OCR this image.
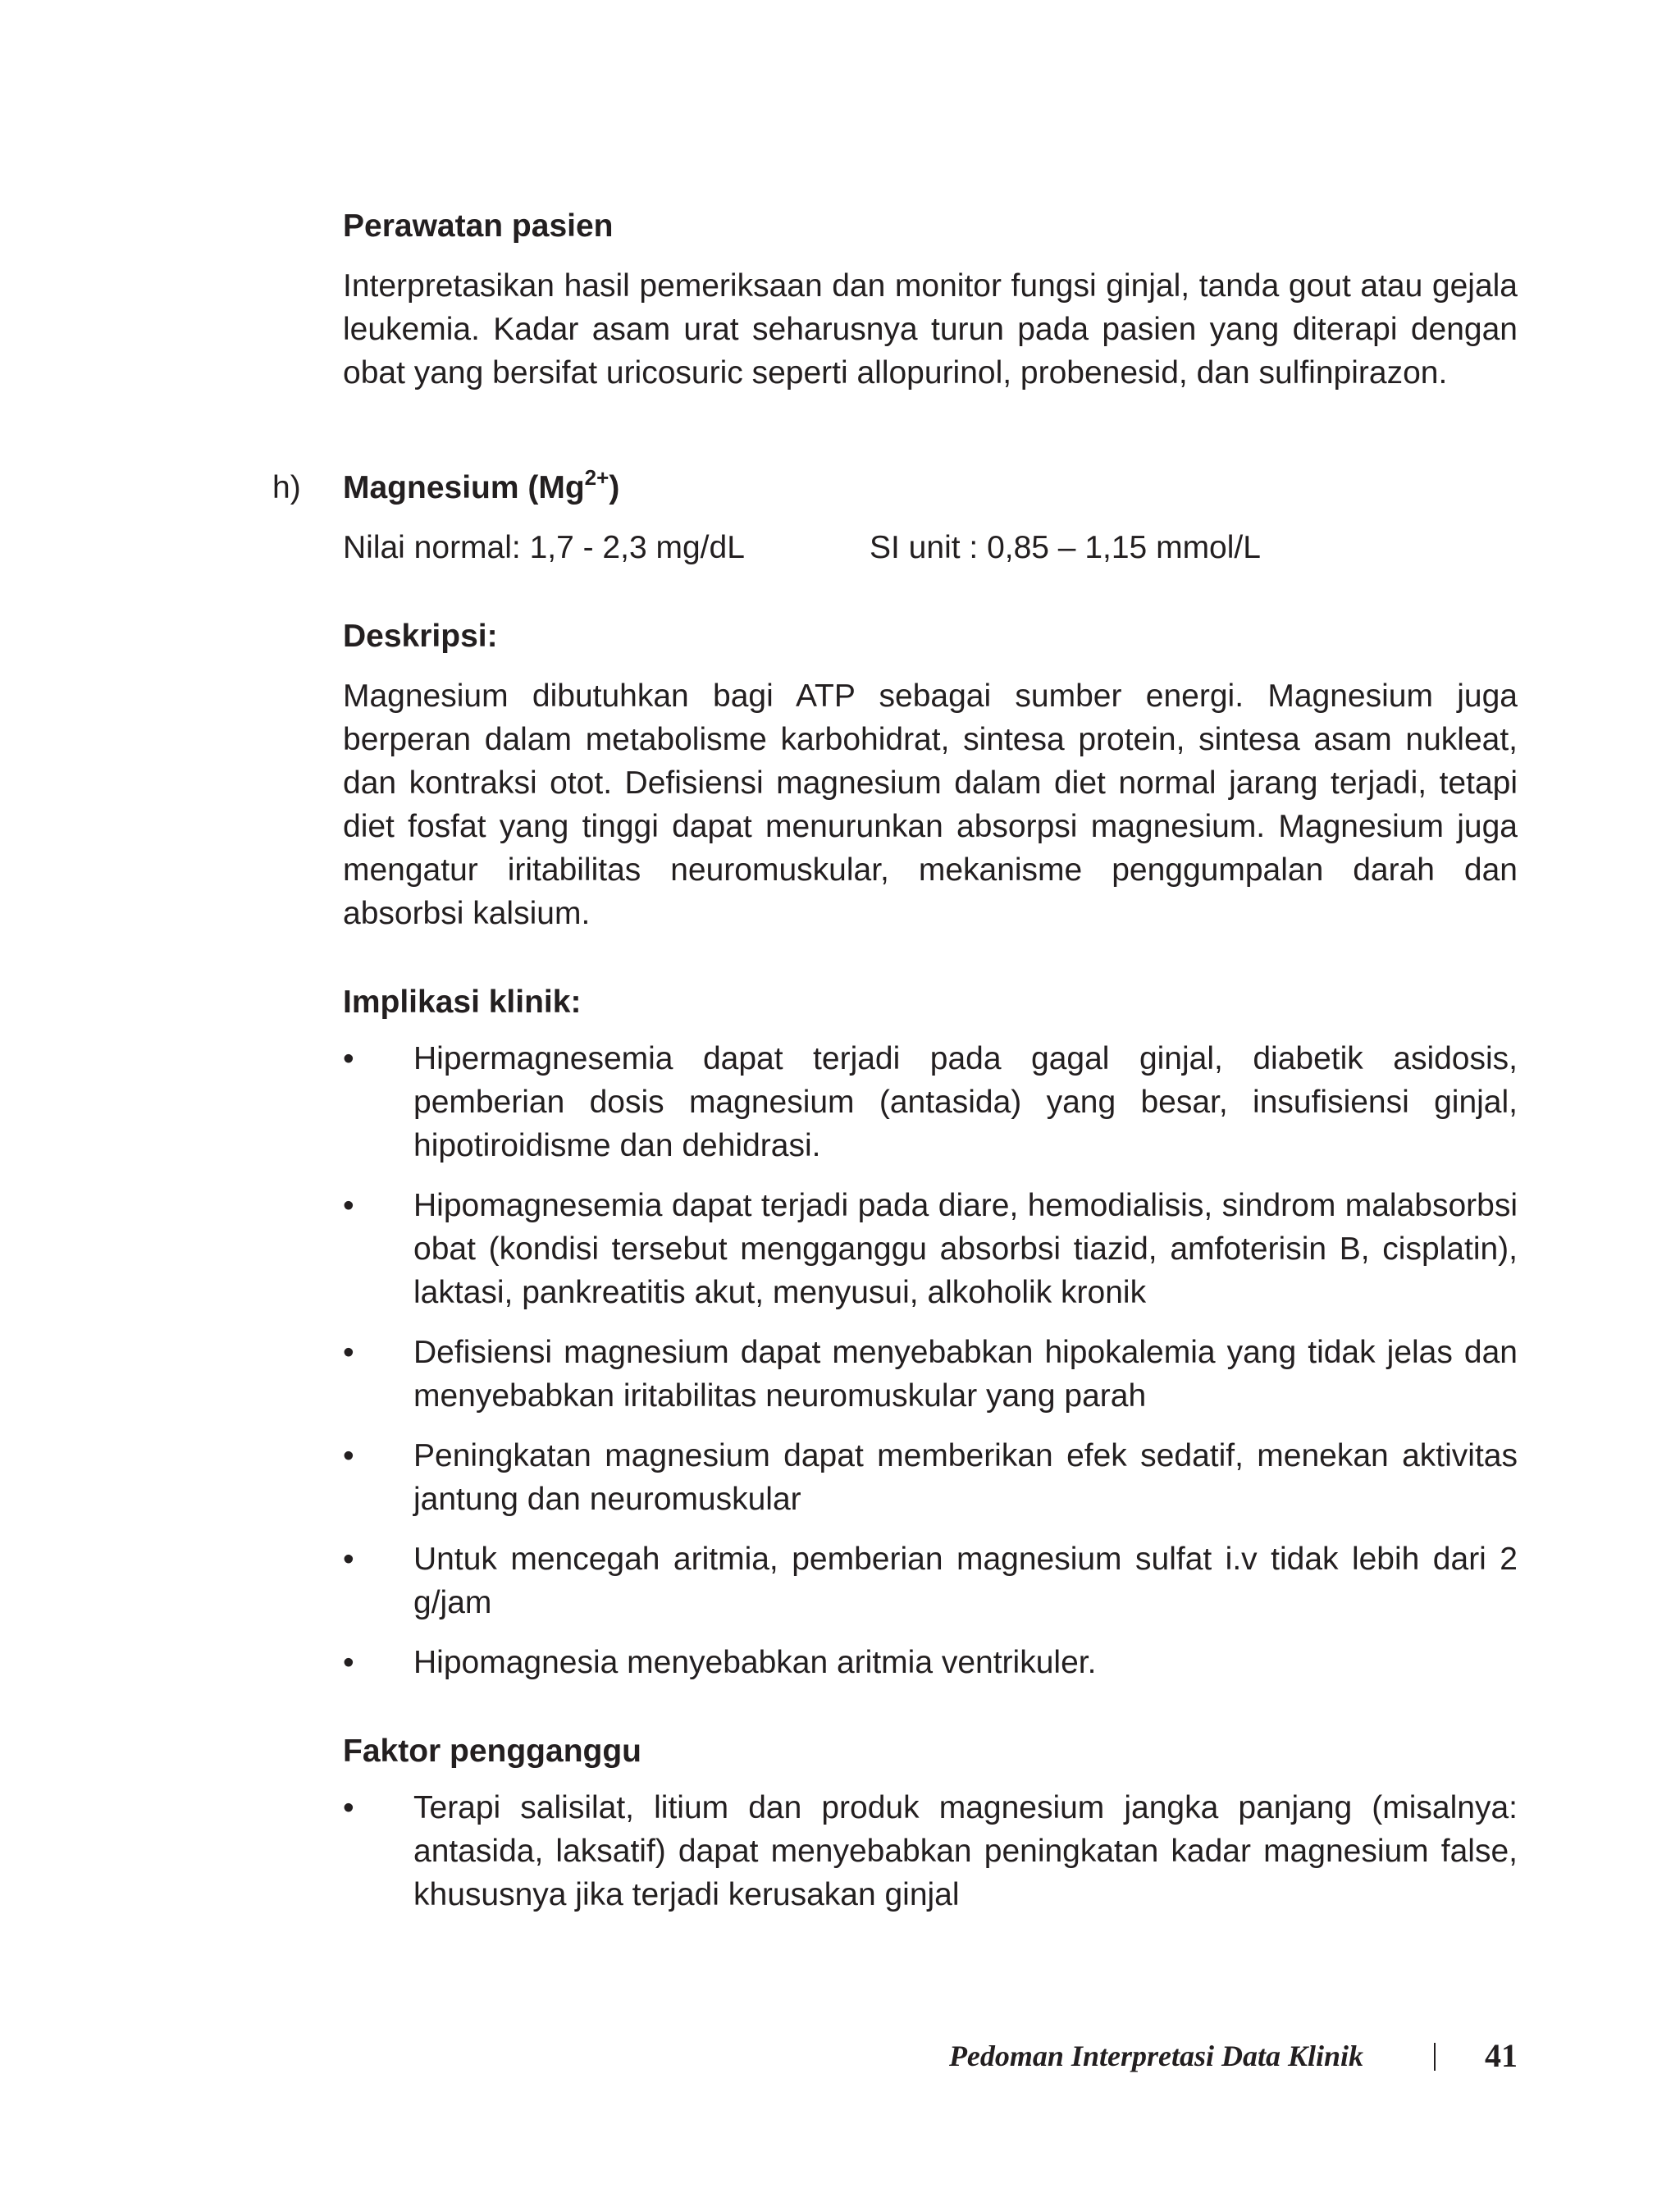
Perawatan pasien

Interpretasikan hasil pemeriksaan dan monitor fungsi ginjal, tanda gout atau gejala leukemia. Kadar asam urat seharusnya turun pada pasien yang diterapi dengan obat yang bersifat uricosuric seperti allopurinol, probenesid, dan sulfinpirazon.

h) Magnesium $(Mg^{2+})$
Nilai normal: 1,7 - 2,3 mg/dL	SI unit : 0,85 – 1,15 mmol/L
Deskripsi:

Magnesium dibutuhkan bagi ATP sebagai sumber energi. Magnesium juga berperan dalam metabolisme karbohidrat, sintesa protein, sintesa asam nukleat, dan kontraksi otot. Defisiensi magnesium dalam diet normal jarang terjadi, tetapi diet fosfat yang tinggi dapat menurunkan absorpsi magnesium. Magnesium juga mengatur iritabilitas neuromuskular, mekanisme penggumpalan darah dan absorbsi kalsium.

Implikasi klinik:
• Hipermagnesemia dapat terjadi pada gagal ginjal, diabetik asidosis, pemberian dosis magnesium (antasida) yang besar, insufisiensi ginjal, hipotiroidisme dan dehidrasi.
• Hipomagnesemia dapat terjadi pada diare, hemodialisis, sindrom malabsorbsi obat (kondisi tersebut mengganggu absorbsi tiazid, amfoterisin B, cisplatin), laktasi, pankreatitis akut, menyusui, alkoholik kronik
• Defisiensi magnesium dapat menyebabkan hipokalemia yang tidak jelas dan menyebabkan iritabilitas neuromuskular yang parah
• Peningkatan magnesium dapat memberikan efek sedatif, menekan aktivitas jantung dan neuromuskular
• Untuk mencegah aritmia, pemberian magnesium sulfat i.v tidak lebih dari 2 g/jam
• Hipomagnesia menyebabkan aritmia ventrikuler.
Faktor pengganggu
• Terapi salisilat, litium dan produk magnesium jangka panjang (misalnya: antasida, laksatif) dapat menyebabkan peningkatan kadar magnesium false, khususnya jika terjadi kerusakan ginjal
Pedoman Interpretasi Data Klinik	41
